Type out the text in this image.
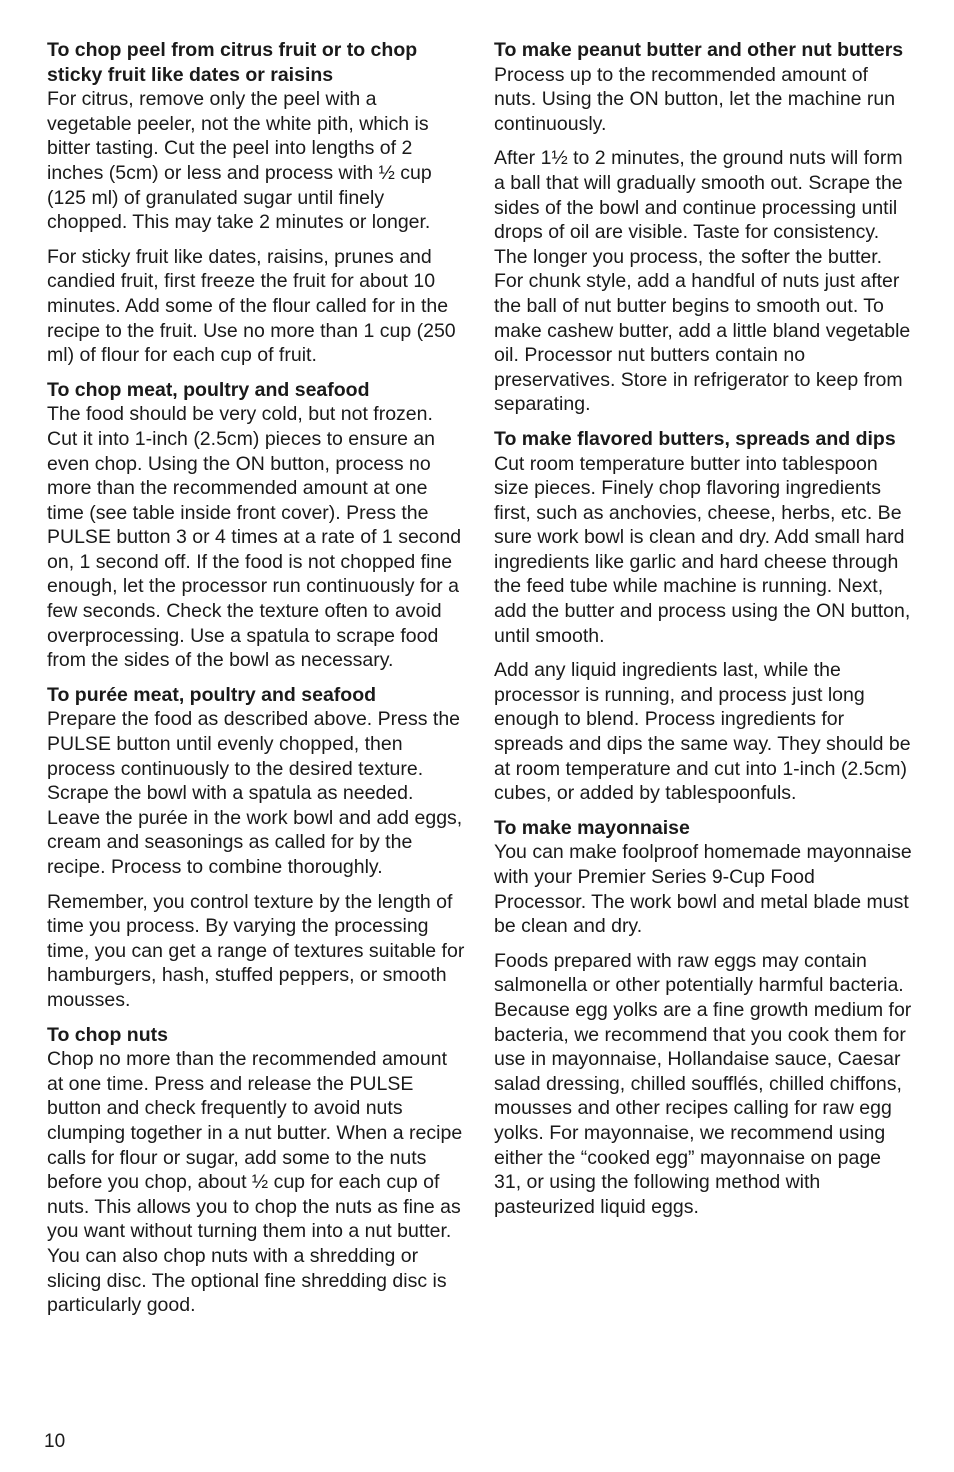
To chop peel from citrus fruit or to chop sticky fruit like dates or raisins

For citrus, remove only the peel with a vegetable peeler, not the white pith, which is bitter tasting. Cut the peel into lengths of 2 inches (5cm) or less and process with ½ cup (125 ml) of granulated sugar until finely chopped. This may take 2 minutes or longer.

For sticky fruit like dates, raisins, prunes and candied fruit, first freeze the fruit for about 10 minutes. Add some of the flour called for in the recipe to the fruit. Use no more than 1 cup (250 ml) of flour for each cup of fruit.

To chop meat, poultry and seafood

The food should be very cold, but not frozen. Cut it into 1-inch (2.5cm) pieces to ensure an even chop. Using the ON button, process no more than the recommended amount at one time (see table inside front cover). Press the PULSE button 3 or 4 times at a rate of 1 second on, 1 second off. If the food is not chopped fine enough, let the processor run continuously for a few seconds. Check the texture often to avoid overprocessing. Use a spatula to scrape food from the sides of the bowl as necessary.

To purée meat, poultry and seafood

Prepare the food as described above. Press the PULSE button until evenly chopped, then process continuously to the desired texture. Scrape the bowl with a spatula as needed. Leave the purée in the work bowl and add eggs, cream and seasonings as called for by the recipe. Process to combine thoroughly.

Remember, you control texture by the length of time you process. By varying the processing time, you can get a range of textures suitable for hamburgers, hash, stuffed peppers, or smooth mousses.

To chop nuts

Chop no more than the recommended amount at one time. Press and release the PULSE button and check frequently to avoid nuts clumping together in a nut butter. When a recipe calls for flour or sugar, add some to the nuts before you chop, about ½ cup for each cup of nuts. This allows you to chop the nuts as fine as you want without turning them into a nut butter. You can also chop nuts with a shredding or slicing disc. The optional fine shredding disc is particularly good.

To make peanut butter and other nut butters

Process up to the recommended amount of nuts. Using the ON button, let the machine run continuously.

After 1½ to 2 minutes, the ground nuts will form a ball that will gradually smooth out. Scrape the sides of the bowl and continue processing until drops of oil are visible. Taste for consistency. The longer you process, the softer the butter. For chunk style, add a handful of nuts just after the ball of nut butter begins to smooth out. To make cashew butter, add a little bland vegetable oil. Processor nut butters contain no preservatives. Store in refrigerator to keep from separating.

To make flavored butters, spreads and dips

Cut room temperature butter into tablespoon size pieces. Finely chop flavoring ingredients first, such as anchovies, cheese, herbs, etc. Be sure work bowl is clean and dry. Add small hard ingredients like garlic and hard cheese through the feed tube while machine is running. Next, add the butter and process using the ON button, until smooth.

Add any liquid ingredients last, while the processor is running, and process just long enough to blend. Process ingredients for spreads and dips the same way. They should be at room temperature and cut into 1-inch (2.5cm) cubes, or added by tablespoonfuls.

To make mayonnaise

You can make foolproof homemade mayonnaise with your Premier Series 9-Cup Food Processor. The work bowl and metal blade must be clean and dry.

Foods prepared with raw eggs may contain salmonella or other potentially harmful bacteria. Because egg yolks are a fine growth medium for bacteria, we recommend that you cook them for use in mayonnaise, Hollandaise sauce, Caesar salad dressing, chilled soufflés, chilled chiffons, mousses and other recipes calling for raw egg yolks. For mayonnaise, we recommend using either the “cooked egg” mayonnaise on page 31, or using the following method with pasteurized liquid eggs.

10
